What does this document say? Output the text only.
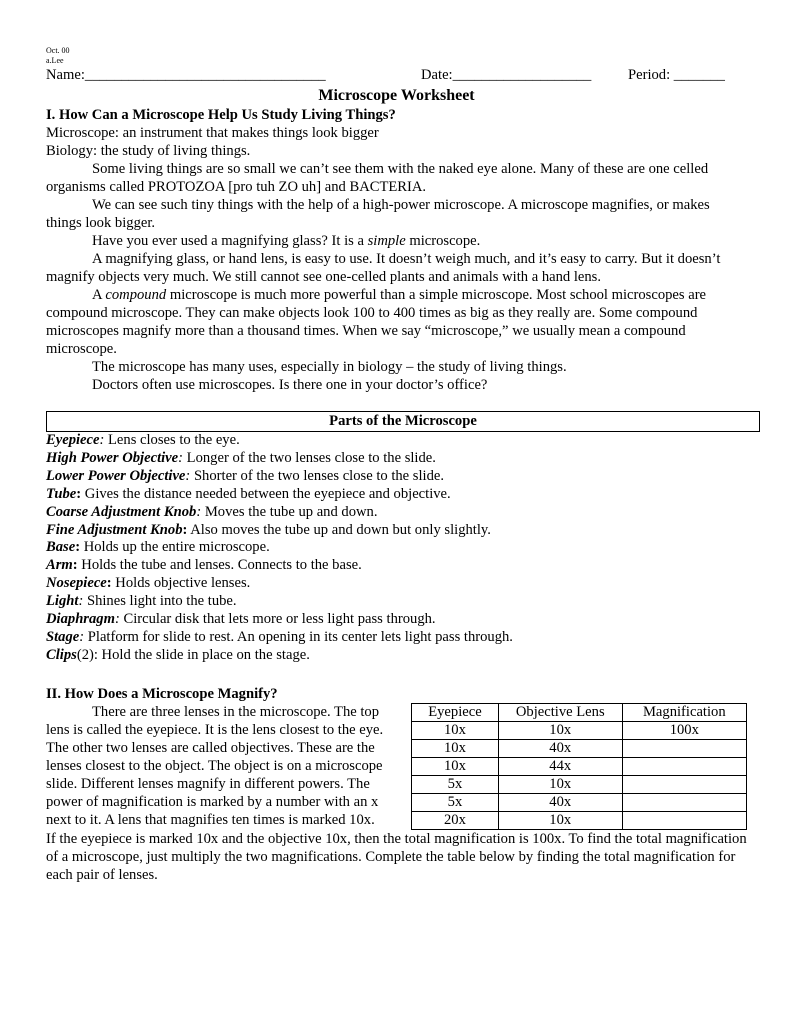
Oct. 00
a.Lee
Name:_________________________________	Date:___________________	Period: _______
Microscope Worksheet

I. How Can a Microscope Help Us Study Living Things?

Microscope: an instrument that makes things look bigger

Biology: the study of living things.

Some living things are so small we can’t see them with the naked eye alone. Many of these are one celled organisms called PROTOZOA [pro tuh ZO uh] and BACTERIA.

We can see such tiny things with the help of a high-power microscope. A microscope magnifies, or makes things look bigger.

Have you ever used a magnifying glass? It is a simple microscope.

A magnifying glass, or hand lens, is easy to use. It doesn’t weigh much, and it’s easy to carry. But it doesn’t magnify objects very much. We still cannot see one-celled plants and animals with a hand lens.

A compound microscope is much more powerful than a simple microscope. Most school microscopes are compound microscope. They can make objects look 100 to 400 times as big as they really are. Some compound microscopes magnify more than a thousand times. When we say “microscope,” we usually mean a compound microscope.

The microscope has many uses, especially in biology – the study of living things.

Doctors often use microscopes. Is there one in your doctor’s office?

Parts of the Microscope

Eyepiece: Lens closes to the eye.

High Power Objective: Longer of the two lenses close to the slide.

Lower Power Objective: Shorter of the two lenses close to the slide.

Tube: Gives the distance needed between the eyepiece and objective.

Coarse Adjustment Knob: Moves the tube up and down.

Fine Adjustment Knob: Also moves the tube up and down but only slightly.

Base: Holds up the entire microscope.

Arm: Holds the tube and lenses. Connects to the base.

Nosepiece: Holds objective lenses.

Light: Shines light into the tube.

Diaphragm: Circular disk that lets more or less light pass through.

Stage: Platform for slide to rest. An opening in its center lets light pass through.

Clips(2): Hold the slide in place on the stage.

II. How Does a Microscope Magnify?

There are three lenses in the microscope. The top lens is called the eyepiece. It is the lens closest to the eye. The other two lenses are called objectives. These are the lenses closest to the object. The object is on a microscope slide. Different lenses magnify in different powers. The power of magnification is marked by a number with an x next to it. A lens that magnifies ten times is marked 10x.

Eyepiece	Objective Lens	Magnification
10x	10x	100x
10x	40x	
10x	44x	
5x	10x	
5x	40x	
20x	10x	

If the eyepiece is marked 10x and the objective 10x, then the total magnification is 100x. To find the total magnification of a microscope, just multiply the two magnifications. Complete the table below by finding the total magnification for each pair of lenses.
